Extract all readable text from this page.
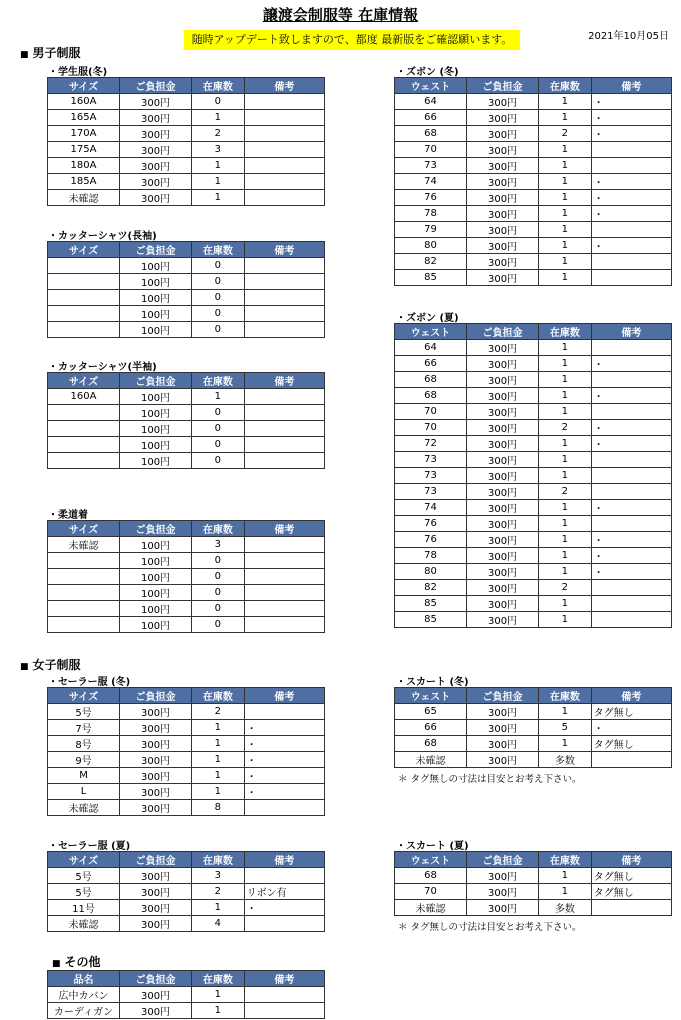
譲渡会制服等 在庫情報
随時アップデート致しますので、都度 最新版をご確認願います。	2021年10月05日
■ 男子制服
・学生服(冬)
サイズ	ご負担金	在庫数	備考
160A	300円	0	
165A	300円	1	
170A	300円	2	
175A	300円	3	
180A	300円	1	
185A	300円	1	
未確認	300円	1	
・カッターシャツ(長袖)
サイズ	ご負担金	在庫数	備考
	100円	0	
	100円	0	
	100円	0	
	100円	0	
	100円	0	
・カッターシャツ(半袖)
サイズ	ご負担金	在庫数	備考
160A	100円	1	
	100円	0	
	100円	0	
	100円	0	
	100円	0	
・柔道着
サイズ	ご負担金	在庫数	備考
未確認	100円	3	
	100円	0	
	100円	0	
	100円	0	
	100円	0	
	100円	0	
・ズボン (冬)
ウェスト	ご負担金	在庫数	備考
64	300円	1	・
66	300円	1	・
68	300円	2	・
70	300円	1	
73	300円	1	
74	300円	1	・
76	300円	1	・
78	300円	1	・
79	300円	1	
80	300円	1	・
82	300円	1	
85	300円	1	
・ズボン (夏)
ウェスト	ご負担金	在庫数	備考
64	300円	1	
66	300円	1	・
68	300円	1	
68	300円	1	・
70	300円	1	
70	300円	2	・
72	300円	1	・
73	300円	1	
73	300円	1	
73	300円	2	
74	300円	1	・
76	300円	1	
76	300円	1	・
78	300円	1	・
80	300円	1	・
82	300円	2	
85	300円	1	
85	300円	1	
■ 女子制服
・セーラー服 (冬)
サイズ	ご負担金	在庫数	備考
5号	300円	2	
7号	300円	1	・
8号	300円	1	・
9号	300円	1	・
M	300円	1	・
L	300円	1	・
未確認	300円	8	
・セーラー服 (夏)
サイズ	ご負担金	在庫数	備考
5号	300円	3	
5号	300円	2	リボン有
11号	300円	1	・
未確認	300円	4	
・スカート (冬)
ウェスト	ご負担金	在庫数	備考
65	300円	1	タグ無し
66	300円	5	・
68	300円	1	タグ無し
未確認	300円	多数	
＊ タグ無しの寸法は目安とお考え下さい。
・スカート (夏)
ウェスト	ご負担金	在庫数	備考
68	300円	1	タグ無し
70	300円	1	タグ無し
未確認	300円	多数	
＊ タグ無しの寸法は目安とお考え下さい。
■ その他
品名	ご負担金	在庫数	備考
広中カバン	300円	1	
カーディガン	300円	1	
